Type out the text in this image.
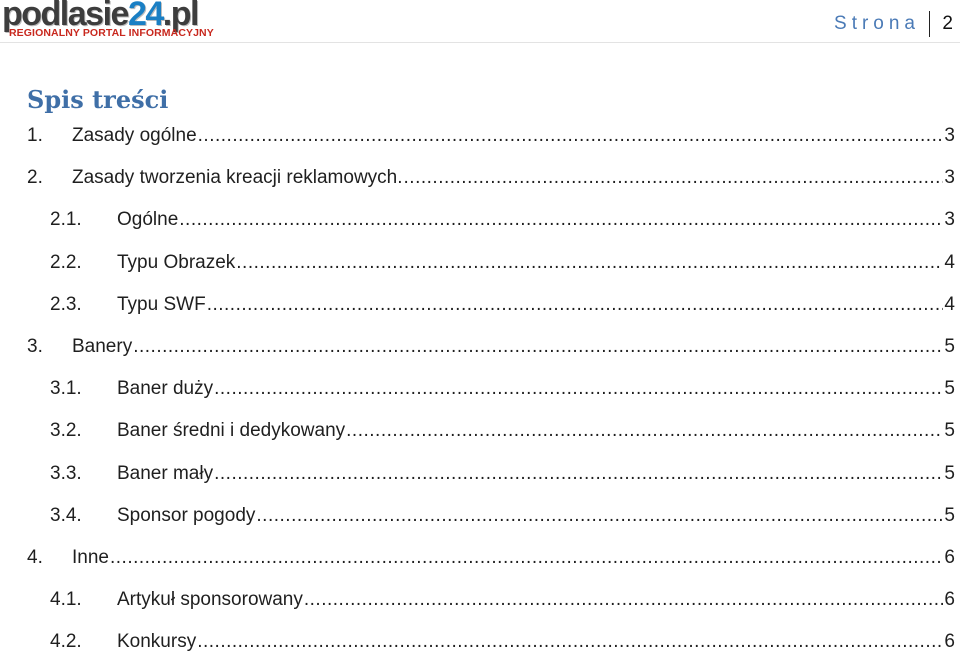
podlasie24.pl
REGIONALNY PORTAL INFORMACYJNY	Strona 2
Spis treści
1. Zasady ogólne .....	3
2. Zasady tworzenia kreacji reklamowych. .....	3
2.1. Ogólne .....	3
2.2. Typu Obrazek .....	4
2.3. Typu SWF .....	4
3. Banery .....	5
3.1. Baner duży .....	5
3.2. Baner średni i dedykowany .....	5
3.3. Baner mały .....	5
3.4. Sponsor pogody .....	5
4. Inne .....	6
4.1. Artykuł sponsorowany .....	6
4.2. Konkursy .....	6
